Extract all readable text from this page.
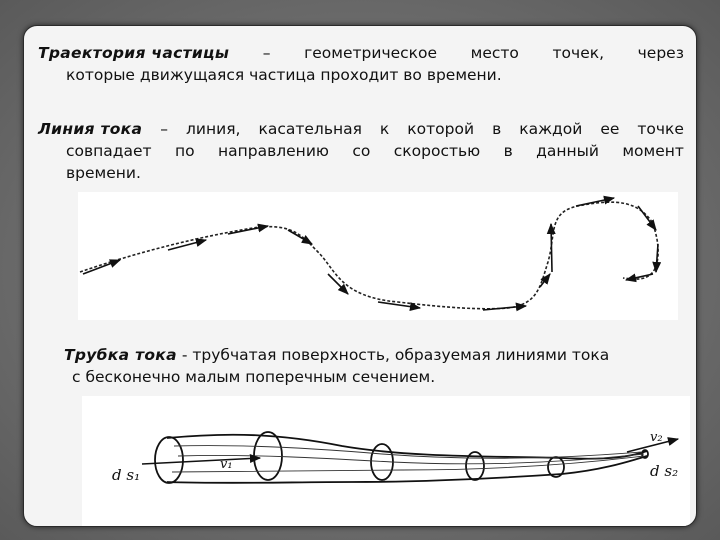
Траектория частицы – геометрическое место точек, через
которые движущаяся частица проходит во времени.
Линия тока – линия, касательная к которой в каждой ее точке
совпадает по направлению со скоростью в данный момент
времени.
Трубка тока - трубчатая поверхность, образуемая линиями тока
с бесконечно малым поперечным сечением.
d s₁
v₁
v₂
d s₂
